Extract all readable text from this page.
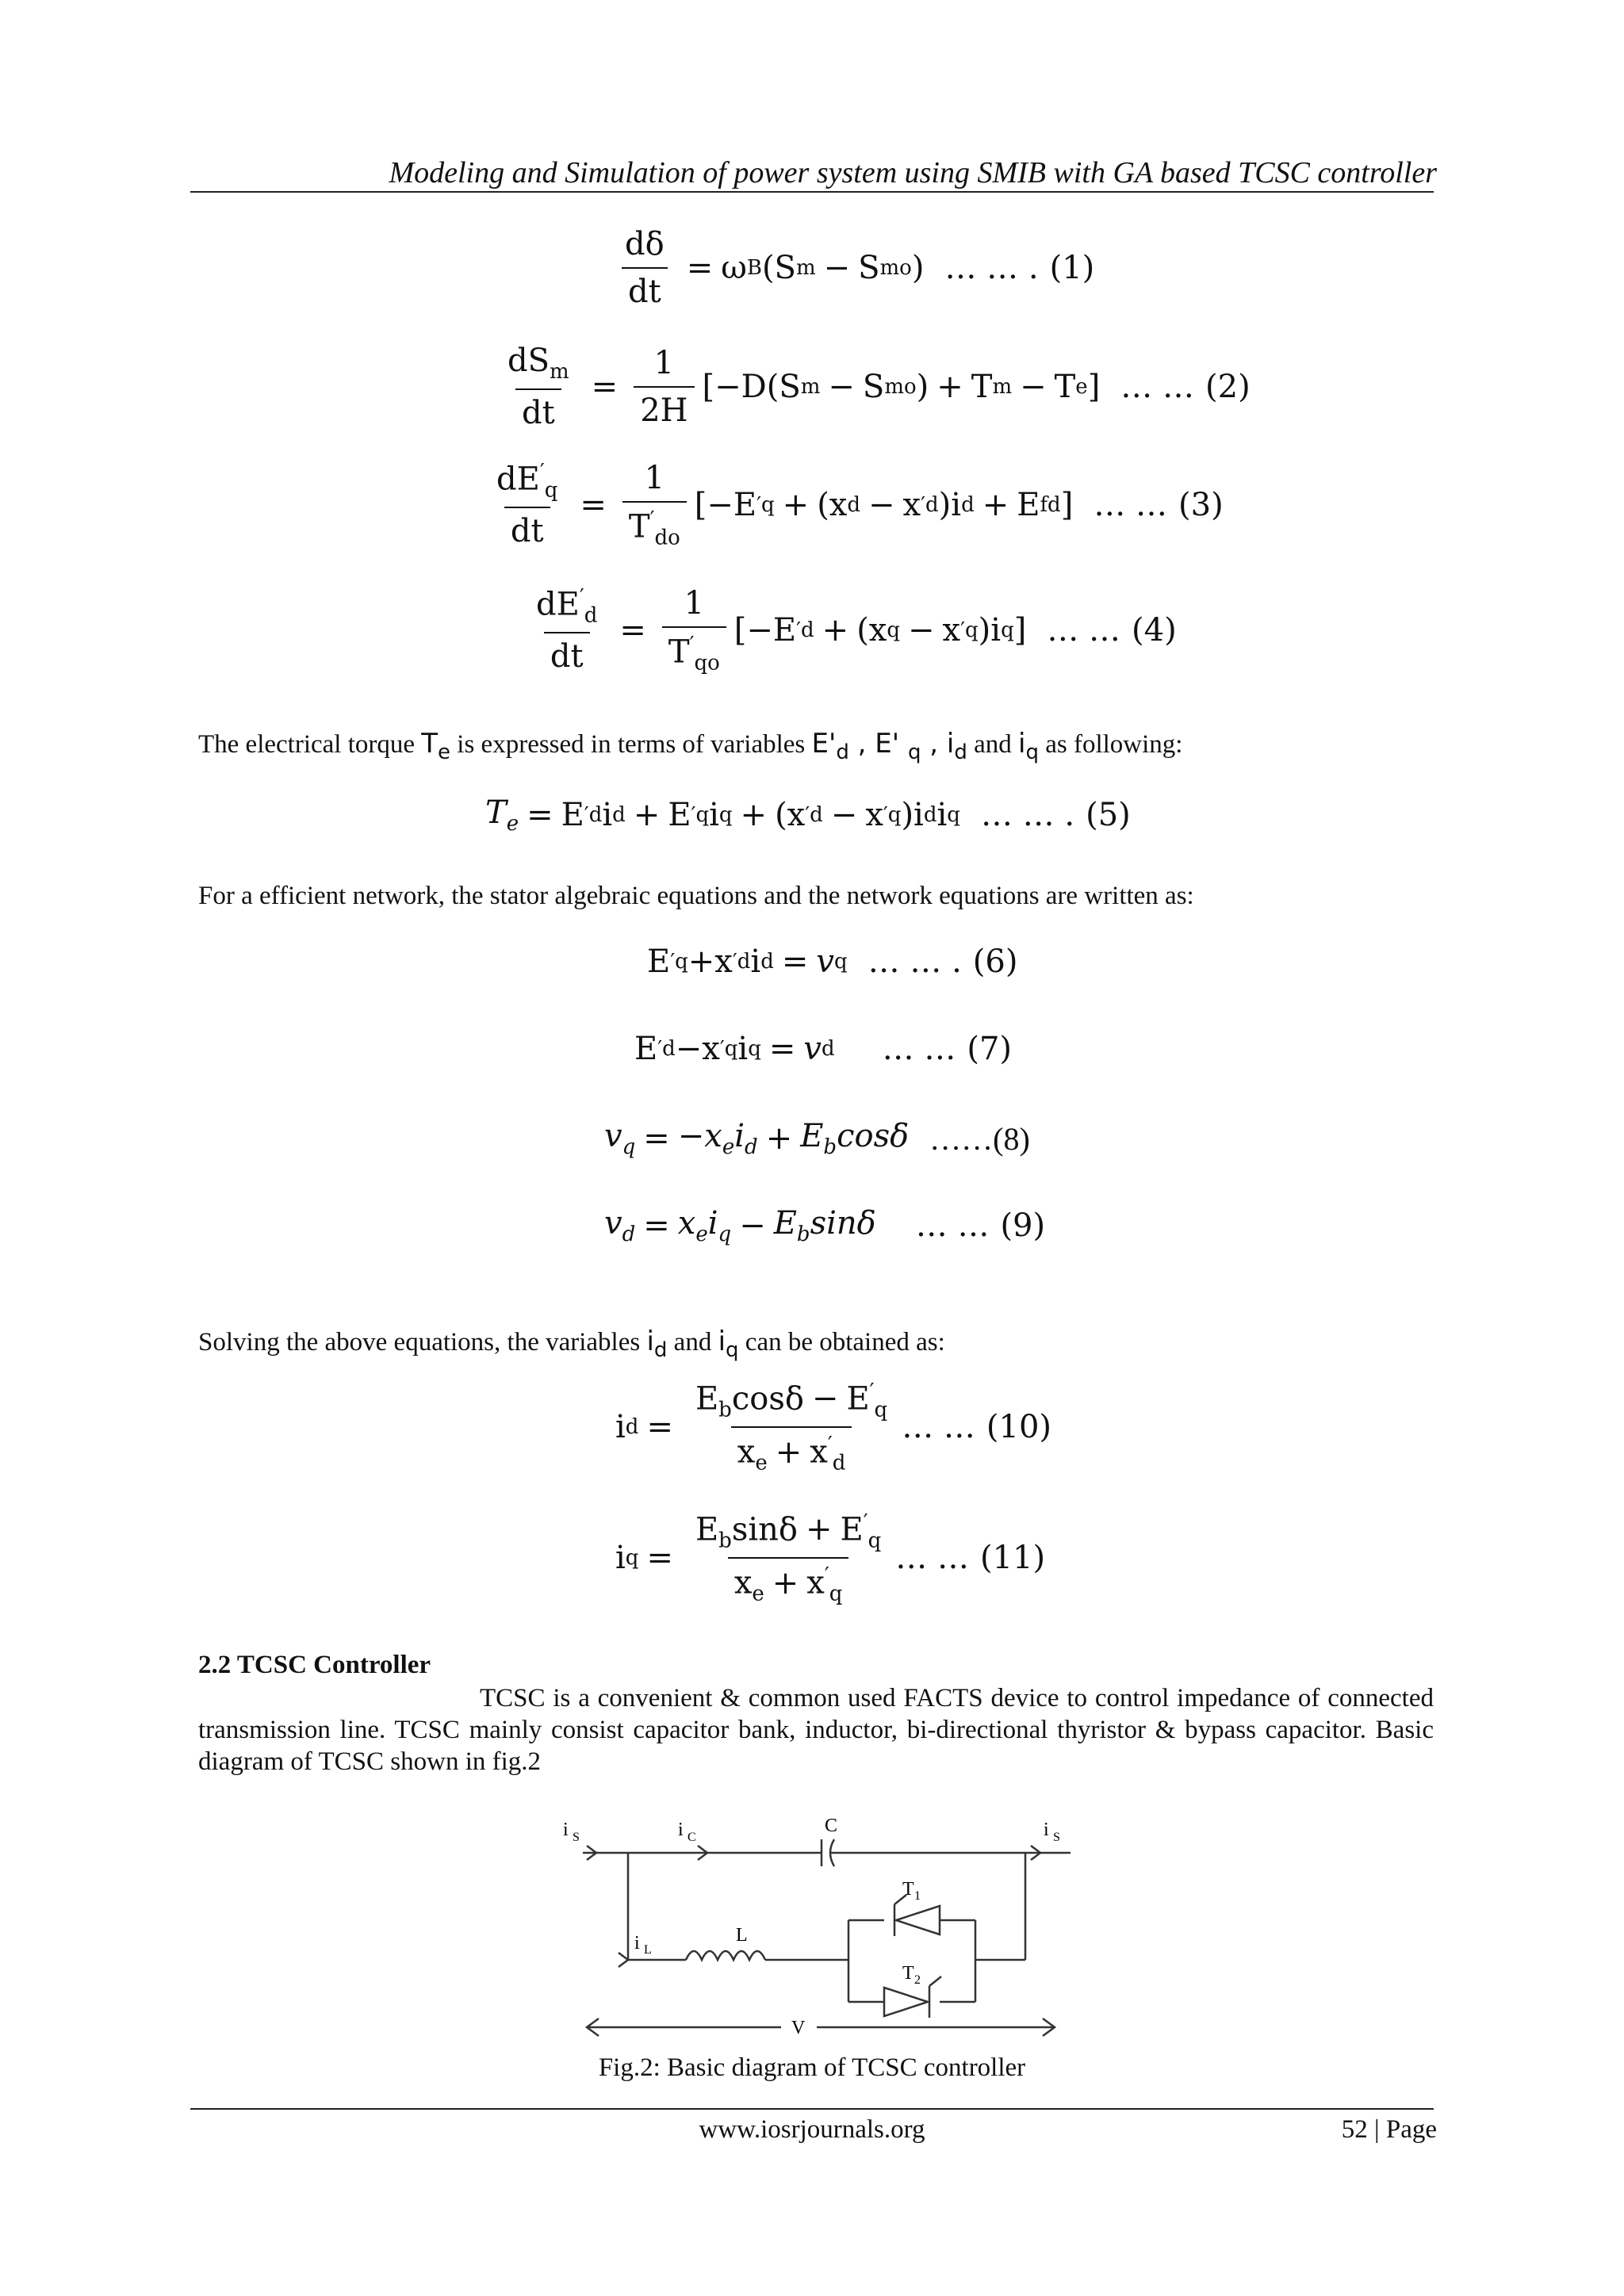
Modeling and Simulation of power system using SMIB with GA based TCSC controller
$\frac{d\delta}{dt} = \omega$ B (S m − S mo ) … … . (1)
$\frac{dS_m}{dt} = \frac{1}{2H} [-D(S$ m − S mo ) + T m − T e ] … … (2)
$\frac{dE'_q}{dt} = \frac{1}{T'_{do}} [-E$ ′ q + (x d − x ′ d )i d + E fd ] … … (3)
$\frac{dE'_d}{dt} = \frac{1}{T'_{qo}} [-E$ ′ d + (x q − x ′ q )i q ] … … (4)
The electrical torque $T_e$ is expressed in terms of variables $E'_d$ , E' $_q$ , $i_d$ and $i_q$ as following:
$T_e = E$ ′ d i d + E ′ q i q + (x ′ d − x ′ q )i d i q … … . (5)
For a efficient network, the stator algebraic equations and the network equations are written as:
E ′ q +x ′ d i d = v q … … . (6)
E ′ d −x ′ q i q = v d … … (7)
$v_q = -x_ei_d + E_b\cos\delta$ …… (8)
$v_d = x_ei_q - E_b\sin\delta$ … … (9)
Solving the above equations, the variables $i_d$ and $i_q$ can be obtained as:
i $d = \frac{E_b\cos\delta - E'_q}{x_e + x'_d}$ … … (10)
i $q = \frac{E_b\sin\delta + E'_q}{x_e + x'_q}$ … … (11)
2.2 TCSC Controller
TCSC is a convenient & common used FACTS device to control impedance of connected transmission line. TCSC mainly consist capacitor bank, inductor, bi-directional thyristor & bypass capacitor. Basic diagram of TCSC shown in fig.2
i S	i C
C	i S
i L
L
T 1
T 2
V
Fig.2: Basic diagram of TCSC controller
www.iosrjournals.org	52 | Page
